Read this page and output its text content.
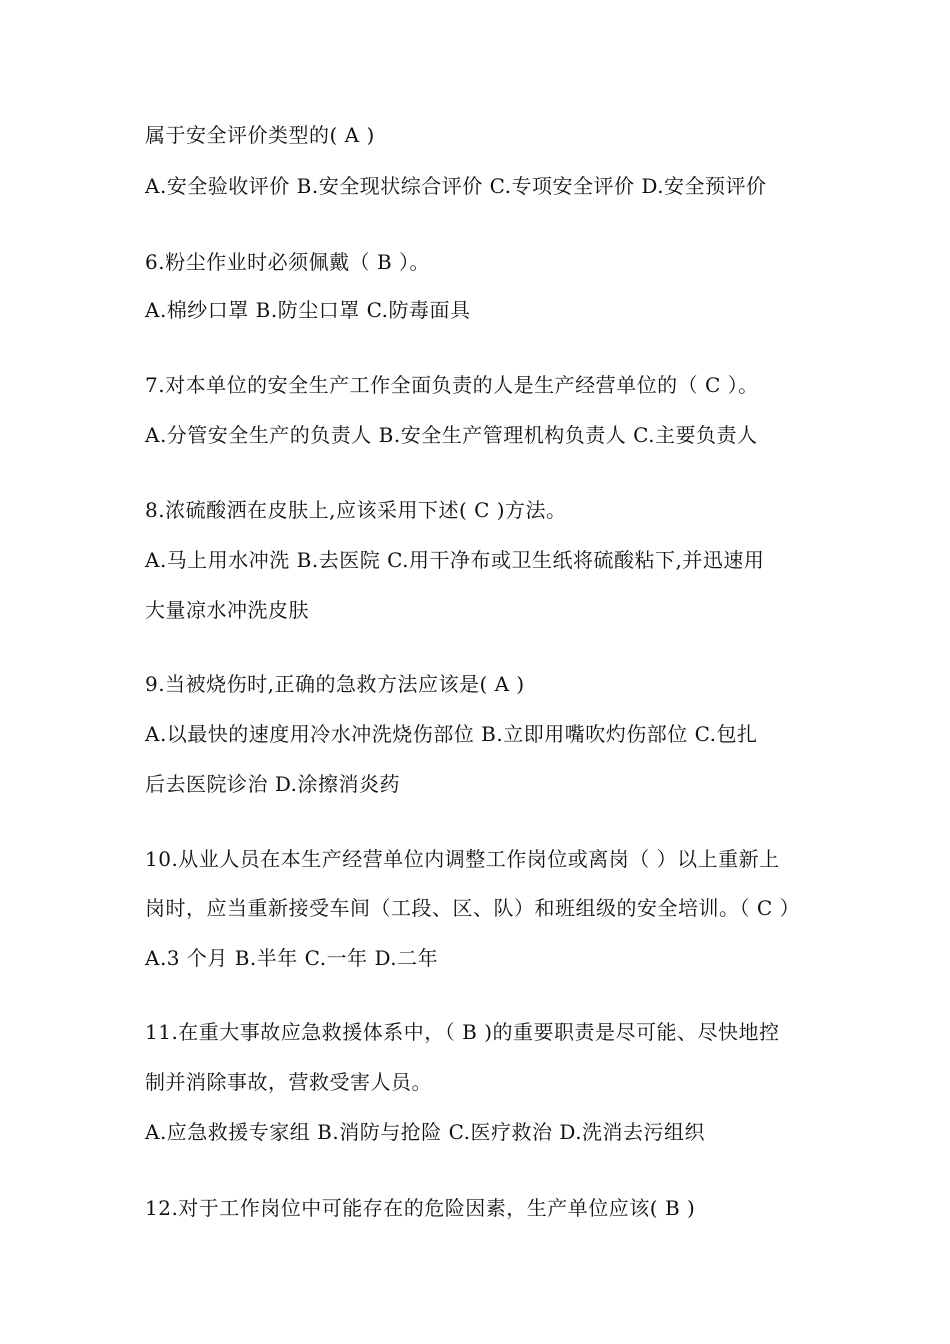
属于安全评价类型的( A )
A.安全验收评价 B.安全现状综合评价 C.专项安全评价 D.安全预评价
6.粉尘作业时必须佩戴（ B ）。
A.棉纱口罩 B.防尘口罩 C.防毒面具
7.对本单位的安全生产工作全面负责的人是生产经营单位的（ C ）。
A.分管安全生产的负责人 B.安全生产管理机构负责人 C.主要负责人
8.浓硫酸洒在皮肤上,应该采用下述( C )方法。
A.马上用水冲洗 B.去医院 C.用干净布或卫生纸将硫酸粘下,并迅速用
大量凉水冲洗皮肤
9.当被烧伤时,正确的急救方法应该是( A )
A.以最快的速度用冷水冲洗烧伤部位 B.立即用嘴吹灼伤部位 C.包扎
后去医院诊治 D.涂擦消炎药
10.从业人员在本生产经营单位内调整工作岗位或离岗（ ）以上重新上
岗时，应当重新接受车间（工段、区、队）和班组级的安全培训。（ C ）
A.3 个月 B.半年 C.一年 D.二年
11.在重大事故应急救援体系中，（ B )的重要职责是尽可能、尽快地控
制并消除事故，营救受害人员。
A.应急救援专家组 B.消防与抢险 C.医疗救治 D.洗消去污组织
12.对于工作岗位中可能存在的危险因素，生产单位应该( B )
